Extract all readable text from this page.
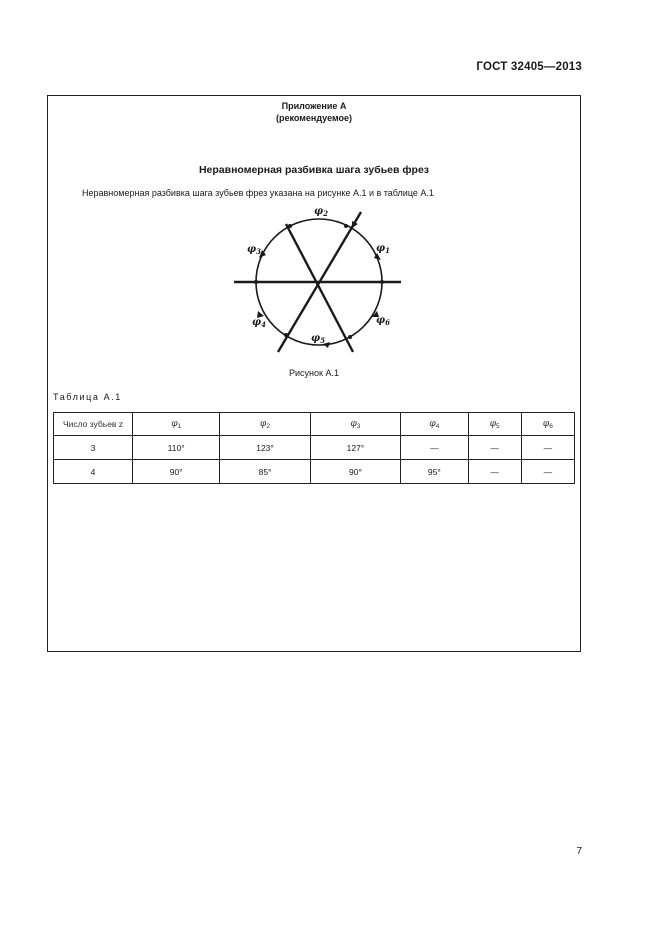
ГОСТ 32405—2013
Приложение А
(рекомендуемое)
Неравномерная разбивка шага зубьев фрез
Неравномерная разбивка шага зубьев фрез указана на рисунке А.1 и в таблице А.1
$\varphi_1$
$\varphi_2$
$\varphi_3$
$\varphi_4$
$\varphi_5$
$\varphi_6$
Рисунок А.1
Таблица А.1
Число зубьев z	$\varphi_1$	$\varphi_2$	$\varphi_3$	$\varphi_4$	$\varphi_5$	$\varphi_6$
3	110°	123°	127°	—	—	—
4	90°	85°	90°	95°	—	—
7
